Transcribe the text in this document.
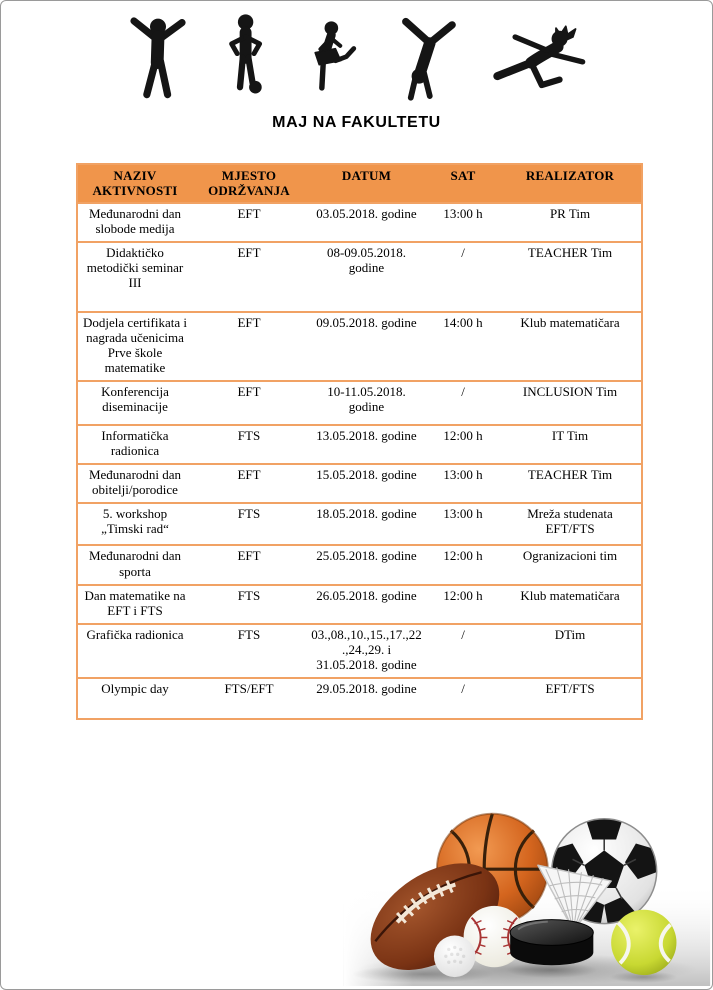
MAJ NA FAKULTETU
NAZIV AKTIVNOSTI	MJESTO ODRŽVANJA	DATUM	SAT	REALIZATOR
Međunarodni dan slobode medija	EFT	03.05.2018. godine	13:00 h	PR Tim
Didaktičko metodički seminar III	EFT	08-09.05.2018. godine	/	TEACHER Tim
Dodjela certifikata i nagrada učenicima Prve škole matematike	EFT	09.05.2018. godine	14:00 h	Klub matematičara
Konferencija diseminacije	EFT	10-11.05.2018. godine	/	INCLUSION Tim
Informatička radionica	FTS	13.05.2018. godine	12:00 h	IT Tim
Međunarodni dan obitelji/porodice	EFT	15.05.2018. godine	13:00 h	TEACHER Tim
5. workshop „Timski rad“	FTS	18.05.2018. godine	13:00 h	Mreža studenata EFT/FTS
Međunarodni dan sporta	EFT	25.05.2018. godine	12:00 h	Ogranizacioni tim
Dan matematike na EFT i FTS	FTS	26.05.2018. godine	12:00 h	Klub matematičara
Grafička radionica	FTS	03.,08.,10.,15.,17.,22.,24.,29. i 31.05.2018. godine	/	DTim
Olympic day	FTS/EFT	29.05.2018. godine	/	EFT/FTS
